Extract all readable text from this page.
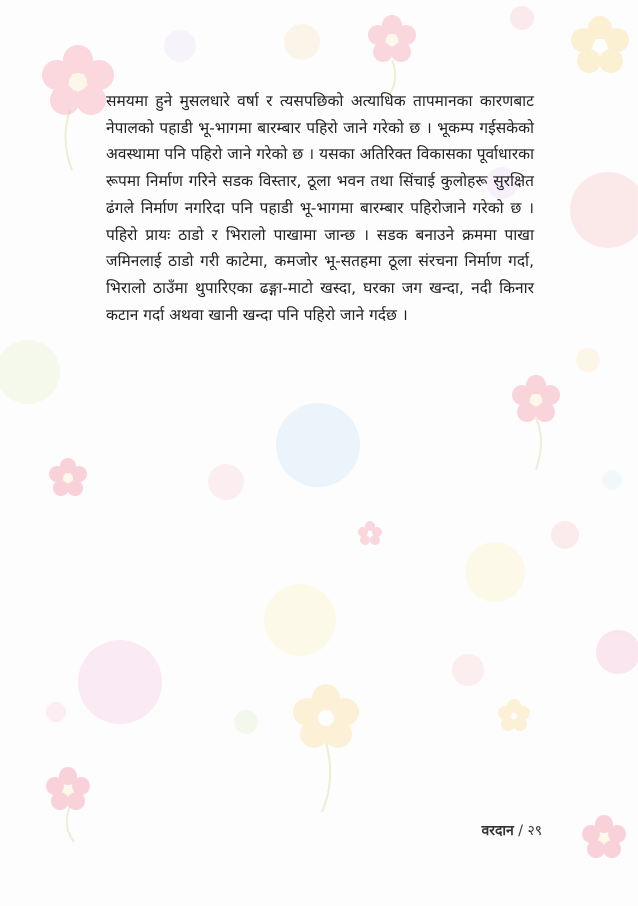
समयमा हुने मुसलधारे वर्षा र त्यसपछिको अत्याधिक तापमानका कारणबाट नेपालको पहाडी भू-भागमा बारम्बार पहिरो जाने गरेको छ । भूकम्प गईसकेको अवस्थामा पनि पहिरो जाने गरेको छ । यसका अतिरिक्त विकासका पूर्वाधारका रूपमा निर्माण गरिने सडक विस्तार, ठूला भवन तथा सिंचाई कुलोहरू सुरक्षित ढंगले निर्माण नगरिदा पनि पहाडी भू-भागमा बारम्बार पहिरोजाने गरेको छ । पहिरो प्रायः ठाडो र भिरालो पाखामा जान्छ । सडक बनाउने क्रममा पाखा जमिनलाई ठाडो गरी काटेमा, कमजोर भू-सतहमा ठूला संरचना निर्माण गर्दा, भिरालो ठाउँमा थुपारिएका ढङ्गा-माटो खस्दा, घरका जग खन्दा, नदी किनार कटान गर्दा अथवा खानी खन्दा पनि पहिरो जाने गर्दछ ।

वरदान / २९
